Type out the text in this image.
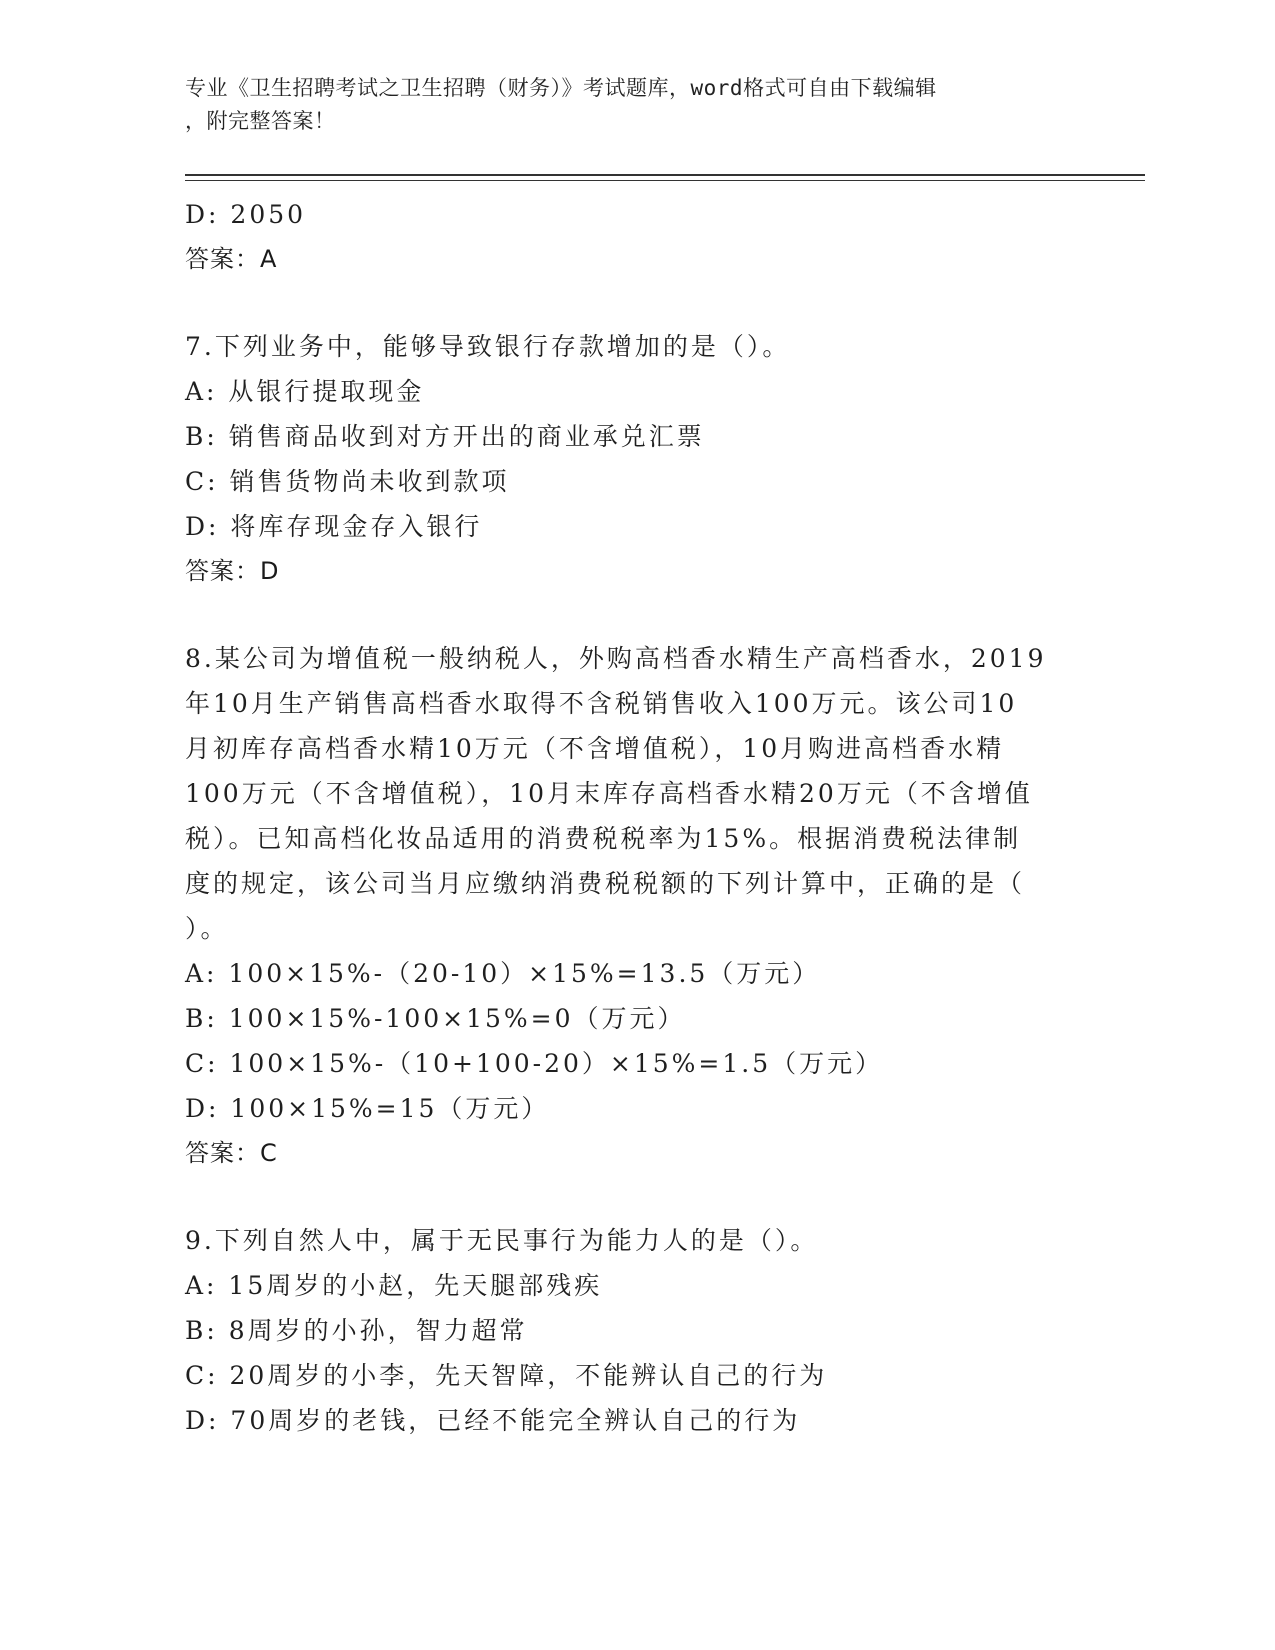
专业《卫生招聘考试之卫生招聘（财务）》考试题库，word格式可自由下载编辑
，附完整答案！
D: 2050
答案：A
7.下列业务中，能够导致银行存款增加的是（）。
A: 从银行提取现金
B: 销售商品收到对方开出的商业承兑汇票
C: 销售货物尚未收到款项
D: 将库存现金存入银行
答案：D
8.某公司为增值税一般纳税人，外购高档香水精生产高档香水，2019
年10月生产销售高档香水取得不含税销售收入100万元。该公司10
月初库存高档香水精10万元（不含增值税），10月购进高档香水精
100万元（不含增值税），10月末库存高档香水精20万元（不含增值
税）。已知高档化妆品适用的消费税税率为15%。根据消费税法律制
度的规定，该公司当月应缴纳消费税税额的下列计算中，正确的是（
）。
A: 100×15%-（20-10）×15%=13.5（万元）
B: 100×15%-100×15%=0（万元）
C: 100×15%-（10+100-20）×15%=1.5（万元）
D: 100×15%=15（万元）
答案：C
9.下列自然人中，属于无民事行为能力人的是（）。
A: 15周岁的小赵，先天腿部残疾
B: 8周岁的小孙，智力超常
C: 20周岁的小李，先天智障，不能辨认自己的行为
D: 70周岁的老钱，已经不能完全辨认自己的行为
